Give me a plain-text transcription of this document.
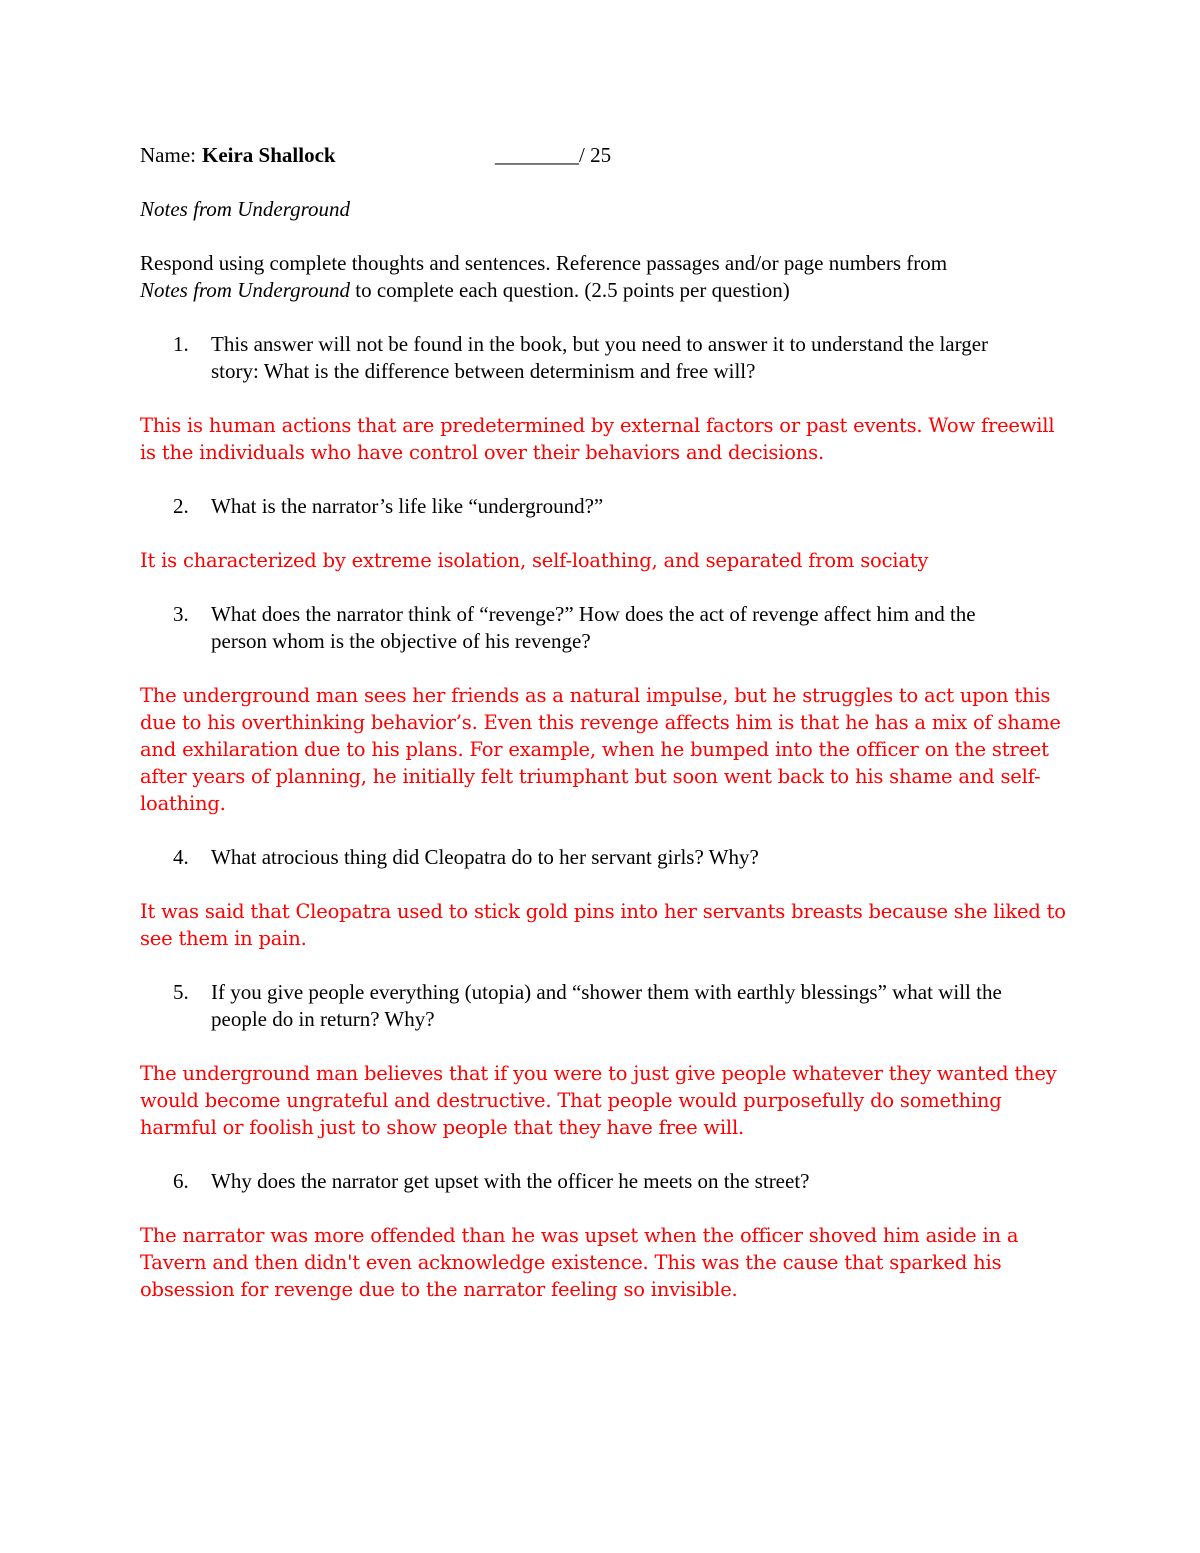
Name: Keira Shallock	________/ 25
Notes from Underground
Respond using complete thoughts and sentences. Reference passages and/or page numbers from
Notes from Underground to complete each question. (2.5 points per question)
1.	This answer will not be found in the book, but you need to answer it to understand the larger story: What is the difference between determinism and free will?
This is human actions that are predetermined by external factors or past events. Wow freewill is the individuals who have control over their behaviors and decisions.
2.	What is the narrator’s life like “underground?”
It is characterized by extreme isolation, self-loathing, and separated from sociaty
3.	What does the narrator think of “revenge?” How does the act of revenge affect him and the person whom is the objective of his revenge?
The underground man sees her friends as a natural impulse, but he struggles to act upon this due to his overthinking behavior’s. Even this revenge affects him is that he has a mix of shame and exhilaration due to his plans. For example, when he bumped into the officer on the street after years of planning, he initially felt triumphant but soon went back to his shame and self-loathing.
4.	What atrocious thing did Cleopatra do to her servant girls? Why?
It was said that Cleopatra used to stick gold pins into her servants breasts because she liked to see them in pain.
5.	If you give people everything (utopia) and “shower them with earthly blessings” what will the people do in return? Why?
The underground man believes that if you were to just give people whatever they wanted they would become ungrateful and destructive. That people would purposefully do something harmful or foolish just to show people that they have free will.
6.	Why does the narrator get upset with the officer he meets on the street?
The narrator was more offended than he was upset when the officer shoved him aside in a Tavern and then didn't even acknowledge existence. This was the cause that sparked his obsession for revenge due to the narrator feeling so invisible.
